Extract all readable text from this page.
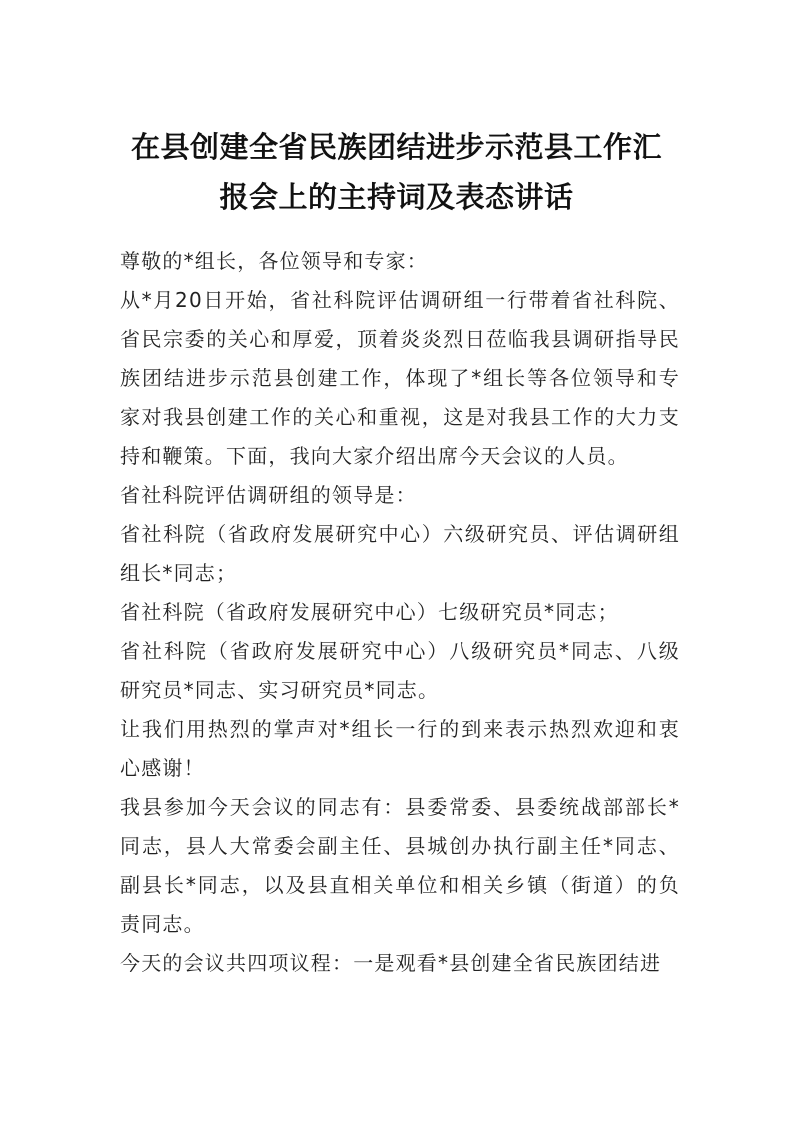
在县创建全省民族团结进步示范县工作汇
报会上的主持词及表态讲话

尊敬的*组长，各位领导和专家：

从*月20日开始，省社科院评估调研组一行带着省社科院、省民宗委的关心和厚爱，顶着炎炎烈日莅临我县调研指导民族团结进步示范县创建工作，体现了*组长等各位领导和专家对我县创建工作的关心和重视，这是对我县工作的大力支持和鞭策。下面，我向大家介绍出席今天会议的人员。

省社科院评估调研组的领导是：

省社科院（省政府发展研究中心）六级研究员、评估调研组组长*同志；

省社科院（省政府发展研究中心）七级研究员*同志；

省社科院（省政府发展研究中心）八级研究员*同志、八级研究员*同志、实习研究员*同志。

让我们用热烈的掌声对*组长一行的到来表示热烈欢迎和衷心感谢！

我县参加今天会议的同志有：县委常委、县委统战部部长*同志，县人大常委会副主任、县城创办执行副主任*同志、副县长*同志，以及县直相关单位和相关乡镇（街道）的负责同志。

今天的会议共四项议程：一是观看*县创建全省民族团结进
